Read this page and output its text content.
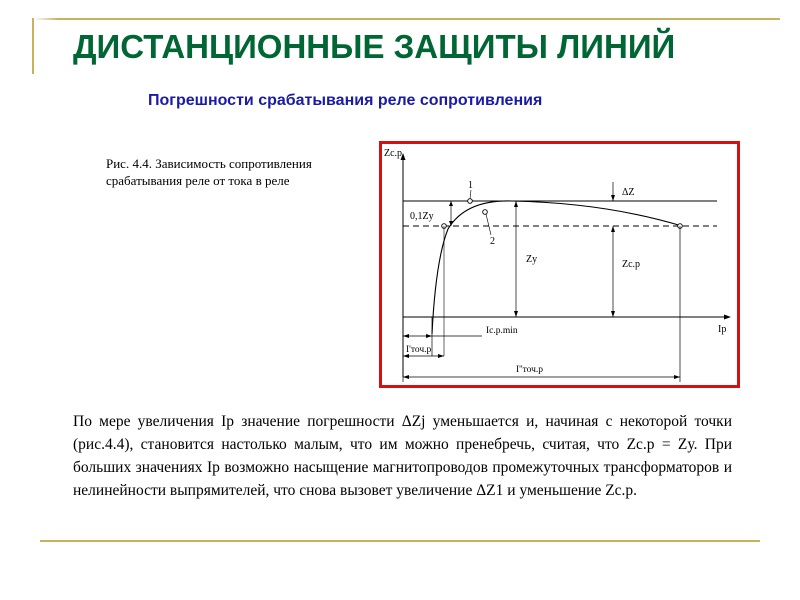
ДИСТАНЦИОННЫЕ ЗАЩИТЫ ЛИНИЙ
Погрешности срабатывания реле сопротивления
Рис. 4.4. Зависимость сопротивления срабатывания реле от тока в реле	1
2
0,1Zу
Zу
ΔZ
Zс.р
Iс.р.min
I'точ.р
I''точ.р
Zс.р
Iр
По мере увеличения Iр значение погрешности ΔZj уменьшается и, начиная с некоторой точки (рис.4.4), становится настолько малым, что им можно пренебречь, считая, что Zс.р = Zу. При больших значениях Iр возможно насыщение магнитопроводов промежуточных трансформаторов и нелинейности выпрямителей, что снова вызовет увеличение ΔZ1 и уменьшение Zс.р.
